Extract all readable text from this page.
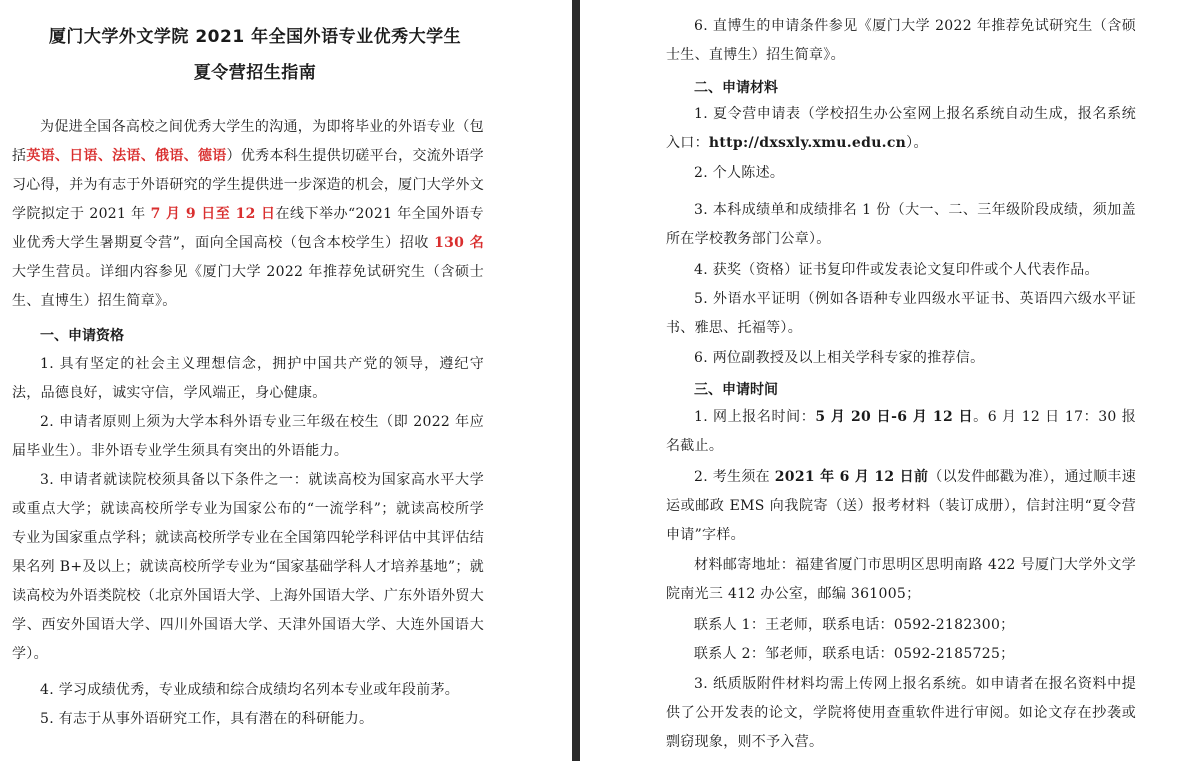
厦门大学外文学院 2021 年全国外语专业优秀大学生
夏令营招生指南
为促进全国各高校之间优秀大学生的沟通，为即将毕业的外语专业（包括英语、日语、法语、俄语、德语）优秀本科生提供切磋平台，交流外语学习心得，并为有志于外语研究的学生提供进一步深造的机会，厦门大学外文学院拟定于 2021 年 7 月 9 日至 12 日在线下举办“2021 年全国外语专业优秀大学生暑期夏令营”，面向全国高校（包含本校学生）招收 130 名大学生营员。详细内容参见《厦门大学 2022 年推荐免试研究生（含硕士生、直博生）招生简章》。
一、申请资格
1. 具有坚定的社会主义理想信念，拥护中国共产党的领导，遵纪守法，品德良好，诚实守信，学风端正，身心健康。
2. 申请者原则上须为大学本科外语专业三年级在校生（即 2022 年应届毕业生）。非外语专业学生须具有突出的外语能力。
3. 申请者就读院校须具备以下条件之一：就读高校为国家高水平大学或重点大学；就读高校所学专业为国家公布的“一流学科”；就读高校所学专业为国家重点学科；就读高校所学专业在全国第四轮学科评估中其评估结果名列 B+及以上；就读高校所学专业为“国家基础学科人才培养基地”；就读高校为外语类院校（北京外国语大学、上海外国语大学、广东外语外贸大学、西安外国语大学、四川外国语大学、天津外国语大学、大连外国语大学）。
4. 学习成绩优秀，专业成绩和综合成绩均名列本专业或年段前茅。
5. 有志于从事外语研究工作，具有潜在的科研能力。
6. 直博生的申请条件参见《厦门大学 2022 年推荐免试研究生（含硕士生、直博生）招生简章》。
二、申请材料
1. 夏令营申请表（学校招生办公室网上报名系统自动生成，报名系统入口：http://dxsxly.xmu.edu.cn）。
2. 个人陈述。
3. 本科成绩单和成绩排名 1 份（大一、二、三年级阶段成绩，须加盖所在学校教务部门公章）。
4. 获奖（资格）证书复印件或发表论文复印件或个人代表作品。
5. 外语水平证明（例如各语种专业四级水平证书、英语四六级水平证书、雅思、托福等）。
6. 两位副教授及以上相关学科专家的推荐信。
三、申请时间
1. 网上报名时间：5 月 20 日-6 月 12 日。6 月 12 日 17：30 报名截止。
2. 考生须在 2021 年 6 月 12 日前（以发件邮戳为准），通过顺丰速运或邮政 EMS 向我院寄（送）报考材料（装订成册），信封注明“夏令营申请”字样。
材料邮寄地址：福建省厦门市思明区思明南路 422 号厦门大学外文学院南光三 412 办公室，邮编 361005；
联系人 1：王老师，联系电话：0592-2182300；
联系人 2：邹老师，联系电话：0592-2185725；
3. 纸质版附件材料均需上传网上报名系统。如申请者在报名资料中提供了公开发表的论文，学院将使用查重软件进行审阅。如论文存在抄袭或剽窃现象，则不予入营。
